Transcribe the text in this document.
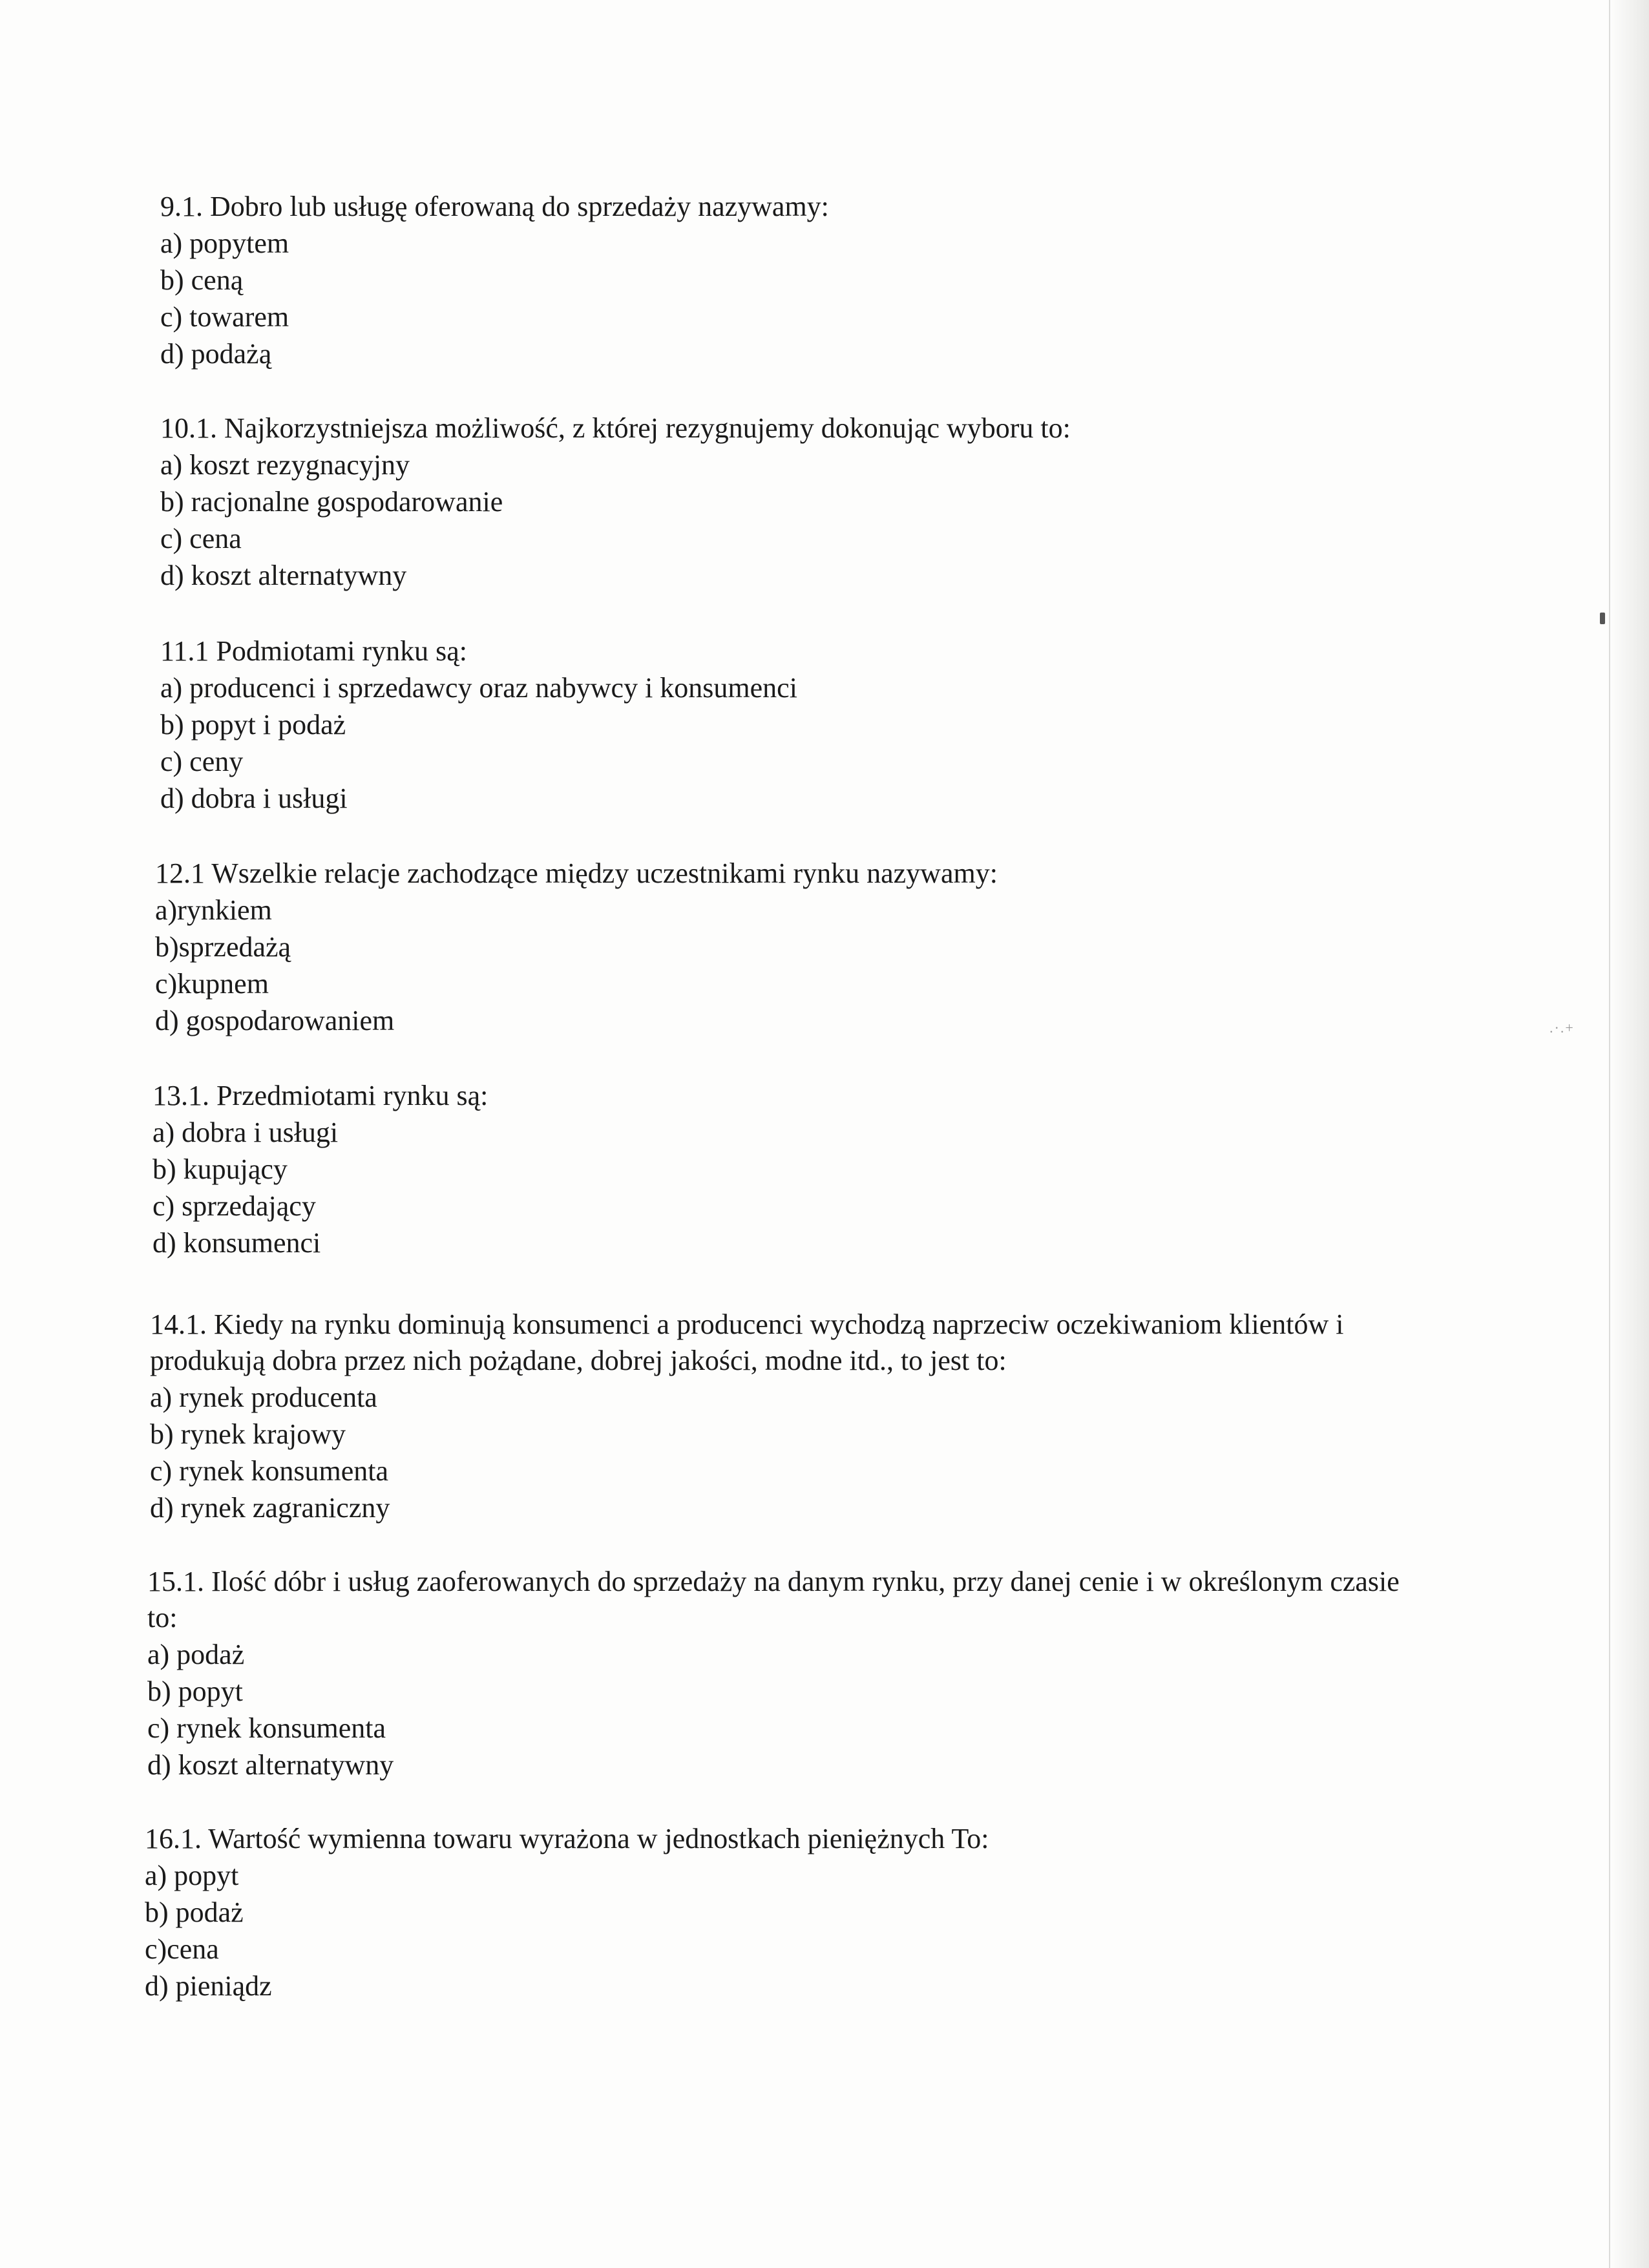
.·.+

9.1. Dobro lub usługę oferowaną do sprzedaży nazywamy:

a) popytem
b) ceną
c) towarem
d) podażą

10.1. Najkorzystniejsza możliwość, z której rezygnujemy dokonując wyboru to:

a) koszt rezygnacyjny
b) racjonalne gospodarowanie
c) cena
d) koszt alternatywny

11.1 Podmiotami rynku są:

a) producenci i sprzedawcy oraz nabywcy i konsumenci
b) popyt i podaż
c) ceny
d) dobra i usługi

12.1 Wszelkie relacje zachodzące między uczestnikami rynku nazywamy:

a)rynkiem
b)sprzedażą
c)kupnem
d) gospodarowaniem

13.1. Przedmiotami rynku są:

a) dobra i usługi
b) kupujący
c) sprzedający
d) konsumenci

14.1. Kiedy na rynku dominują konsumenci a producenci wychodzą naprzeciw oczekiwaniom klientów i produkują dobra przez nich pożądane, dobrej jakości, modne itd., to jest to:

a) rynek producenta
b) rynek krajowy
c) rynek konsumenta
d) rynek zagraniczny

15.1. Ilość dóbr i usług zaoferowanych do sprzedaży na danym rynku, przy danej cenie i w określonym czasie to:

a) podaż
b) popyt
c) rynek konsumenta
d) koszt alternatywny

16.1. Wartość wymienna towaru wyrażona w jednostkach pieniężnych To:

a) popyt
b) podaż
c)cena
d) pieniądz
